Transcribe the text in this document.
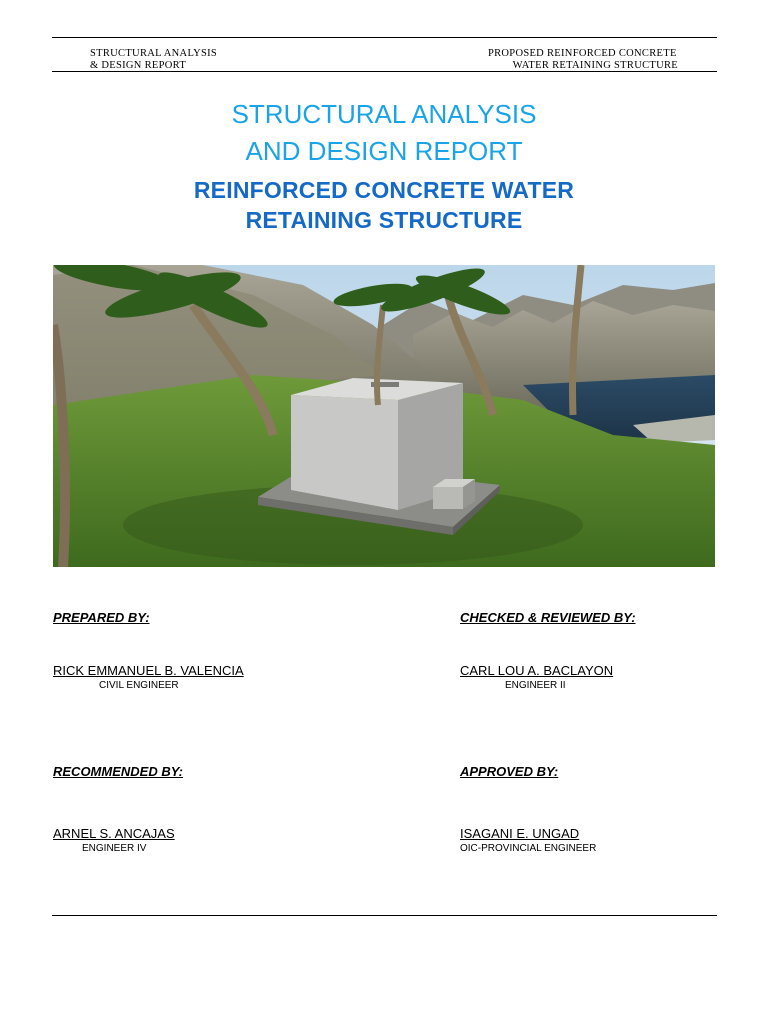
STRUCTURAL ANALYSIS
& DESIGN REPORT
PROPOSED REINFORCED CONCRETE
WATER RETAINING STRUCTURE
STRUCTURAL ANALYSIS
AND DESIGN REPORT
REINFORCED CONCRETE WATER
RETAINING STRUCTURE
PREPARED BY:
RICK EMMANUEL B. VALENCIA
CIVIL ENGINEER
CHECKED & REVIEWED BY:
CARL LOU A. BACLAYON
ENGINEER II
RECOMMENDED BY:
ARNEL S. ANCAJAS
ENGINEER IV
APPROVED BY:
ISAGANI E. UNGAD
OIC-PROVINCIAL ENGINEER
